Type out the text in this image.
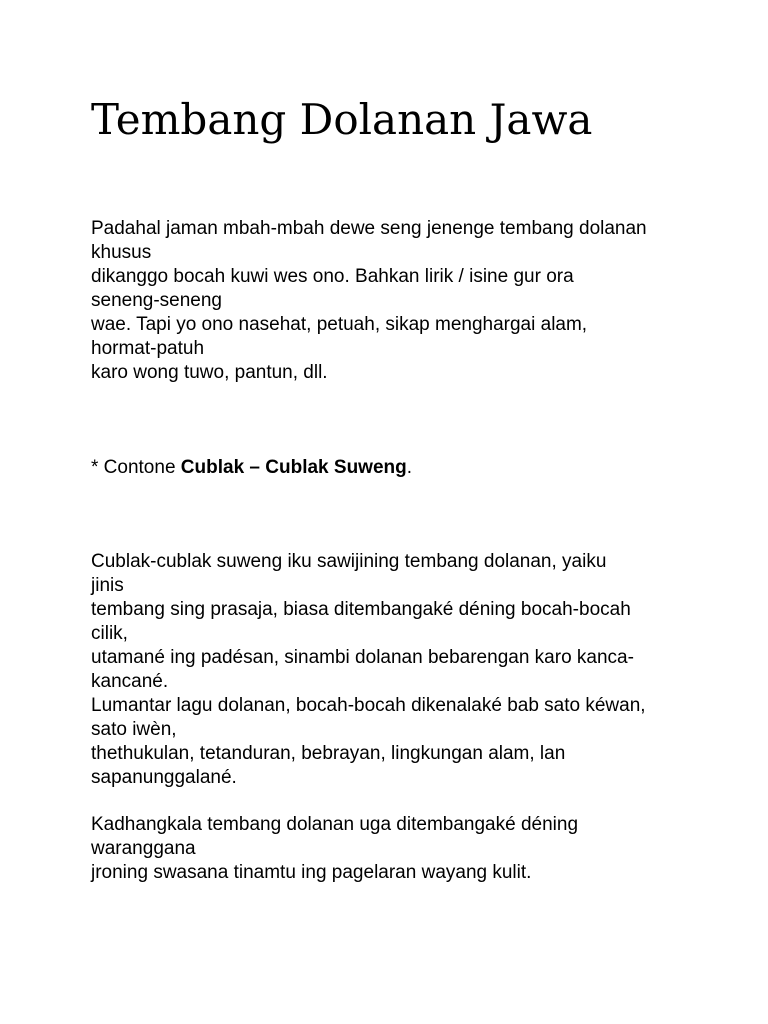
Tembang Dolanan Jawa
Padahal jaman mbah-mbah dewe seng jenenge tembang dolanan
khusus
dikanggo bocah kuwi wes ono. Bahkan lirik / isine gur ora
seneng-seneng
wae. Tapi yo ono nasehat, petuah, sikap menghargai alam,
hormat-patuh
karo wong tuwo, pantun, dll.
* Contone Cublak – Cublak Suweng.
Cublak-cublak suweng iku sawijining tembang dolanan, yaiku
jinis
tembang sing prasaja, biasa ditembangaké déning bocah-bocah
cilik,
utamané ing padésan, sinambi dolanan bebarengan karo kanca-
kancané.
Lumantar lagu dolanan, bocah-bocah dikenalaké bab sato kéwan,
sato iwèn,
thethukulan, tetanduran, bebrayan, lingkungan alam, lan
sapanunggalané.
Kadhangkala tembang dolanan uga ditembangaké déning
waranggana
jroning swasana tinamtu ing pagelaran wayang kulit.
